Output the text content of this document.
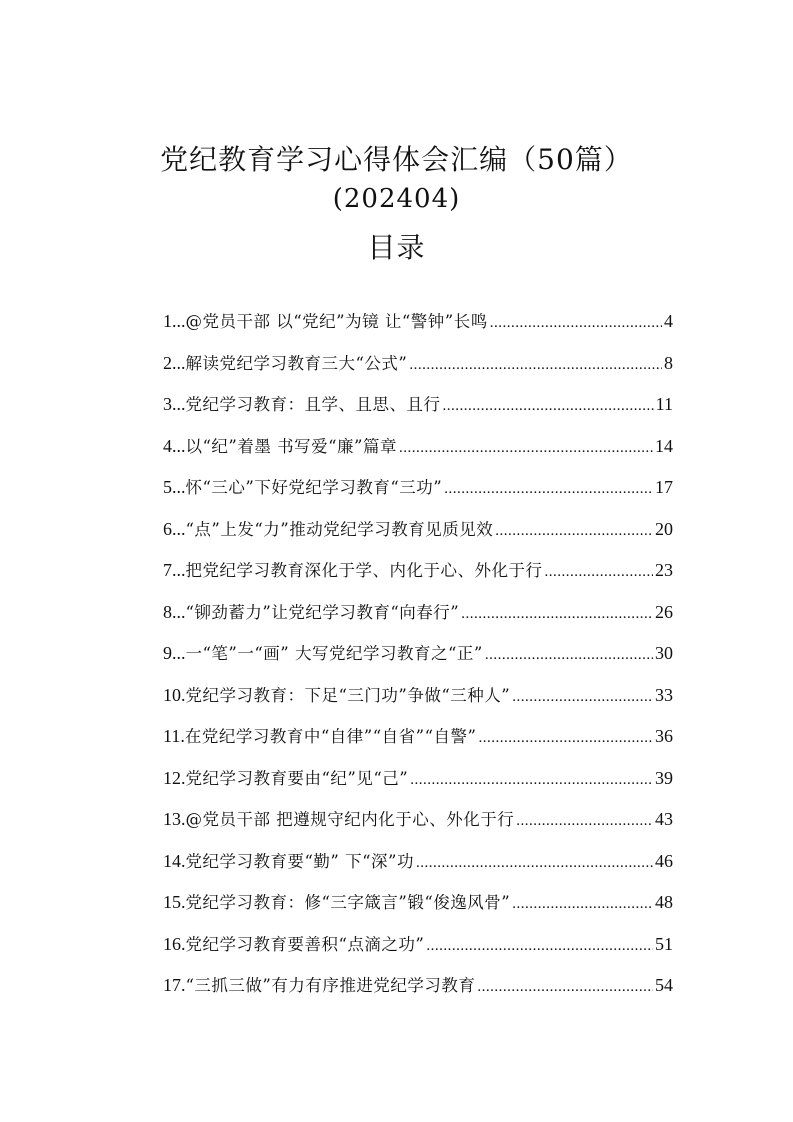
党纪教育学习心得体会汇编（50篇）
(202404)
目录
1... @党员干部 以“党纪”为镜 让“警钟”长鸣 .....	4
2... 解读党纪学习教育三大“公式” .....	8
3... 党纪学习教育：且学、且思、且行 .....	11
4... 以“纪”着墨 书写爱“廉”篇章 .....	14
5... 怀“三心”下好党纪学习教育“三功” .....	17
6... “点”上发“力”推动党纪学习教育见质见效 .....	20
7... 把党纪学习教育深化于学、内化于心、外化于行 .....	23
8... “铆劲蓄力”让党纪学习教育“向春行” .....	26
9... 一“笔”一“画” 大写党纪学习教育之“正” .....	30
10. 党纪学习教育：下足“三门功”争做“三种人” .....	33
11. 在党纪学习教育中“自律”“自省”“自警” .....	36
12. 党纪学习教育要由“纪”见“己” .....	39
13. @党员干部 把遵规守纪内化于心、外化于行 .....	43
14. 党纪学习教育要“勤” 下“深”功 .....	46
15. 党纪学习教育：修“三字箴言”锻“俊逸风骨” .....	48
16. 党纪学习教育要善积“点滴之功” .....	51
17. “三抓三做”有力有序推进党纪学习教育 .....	54
